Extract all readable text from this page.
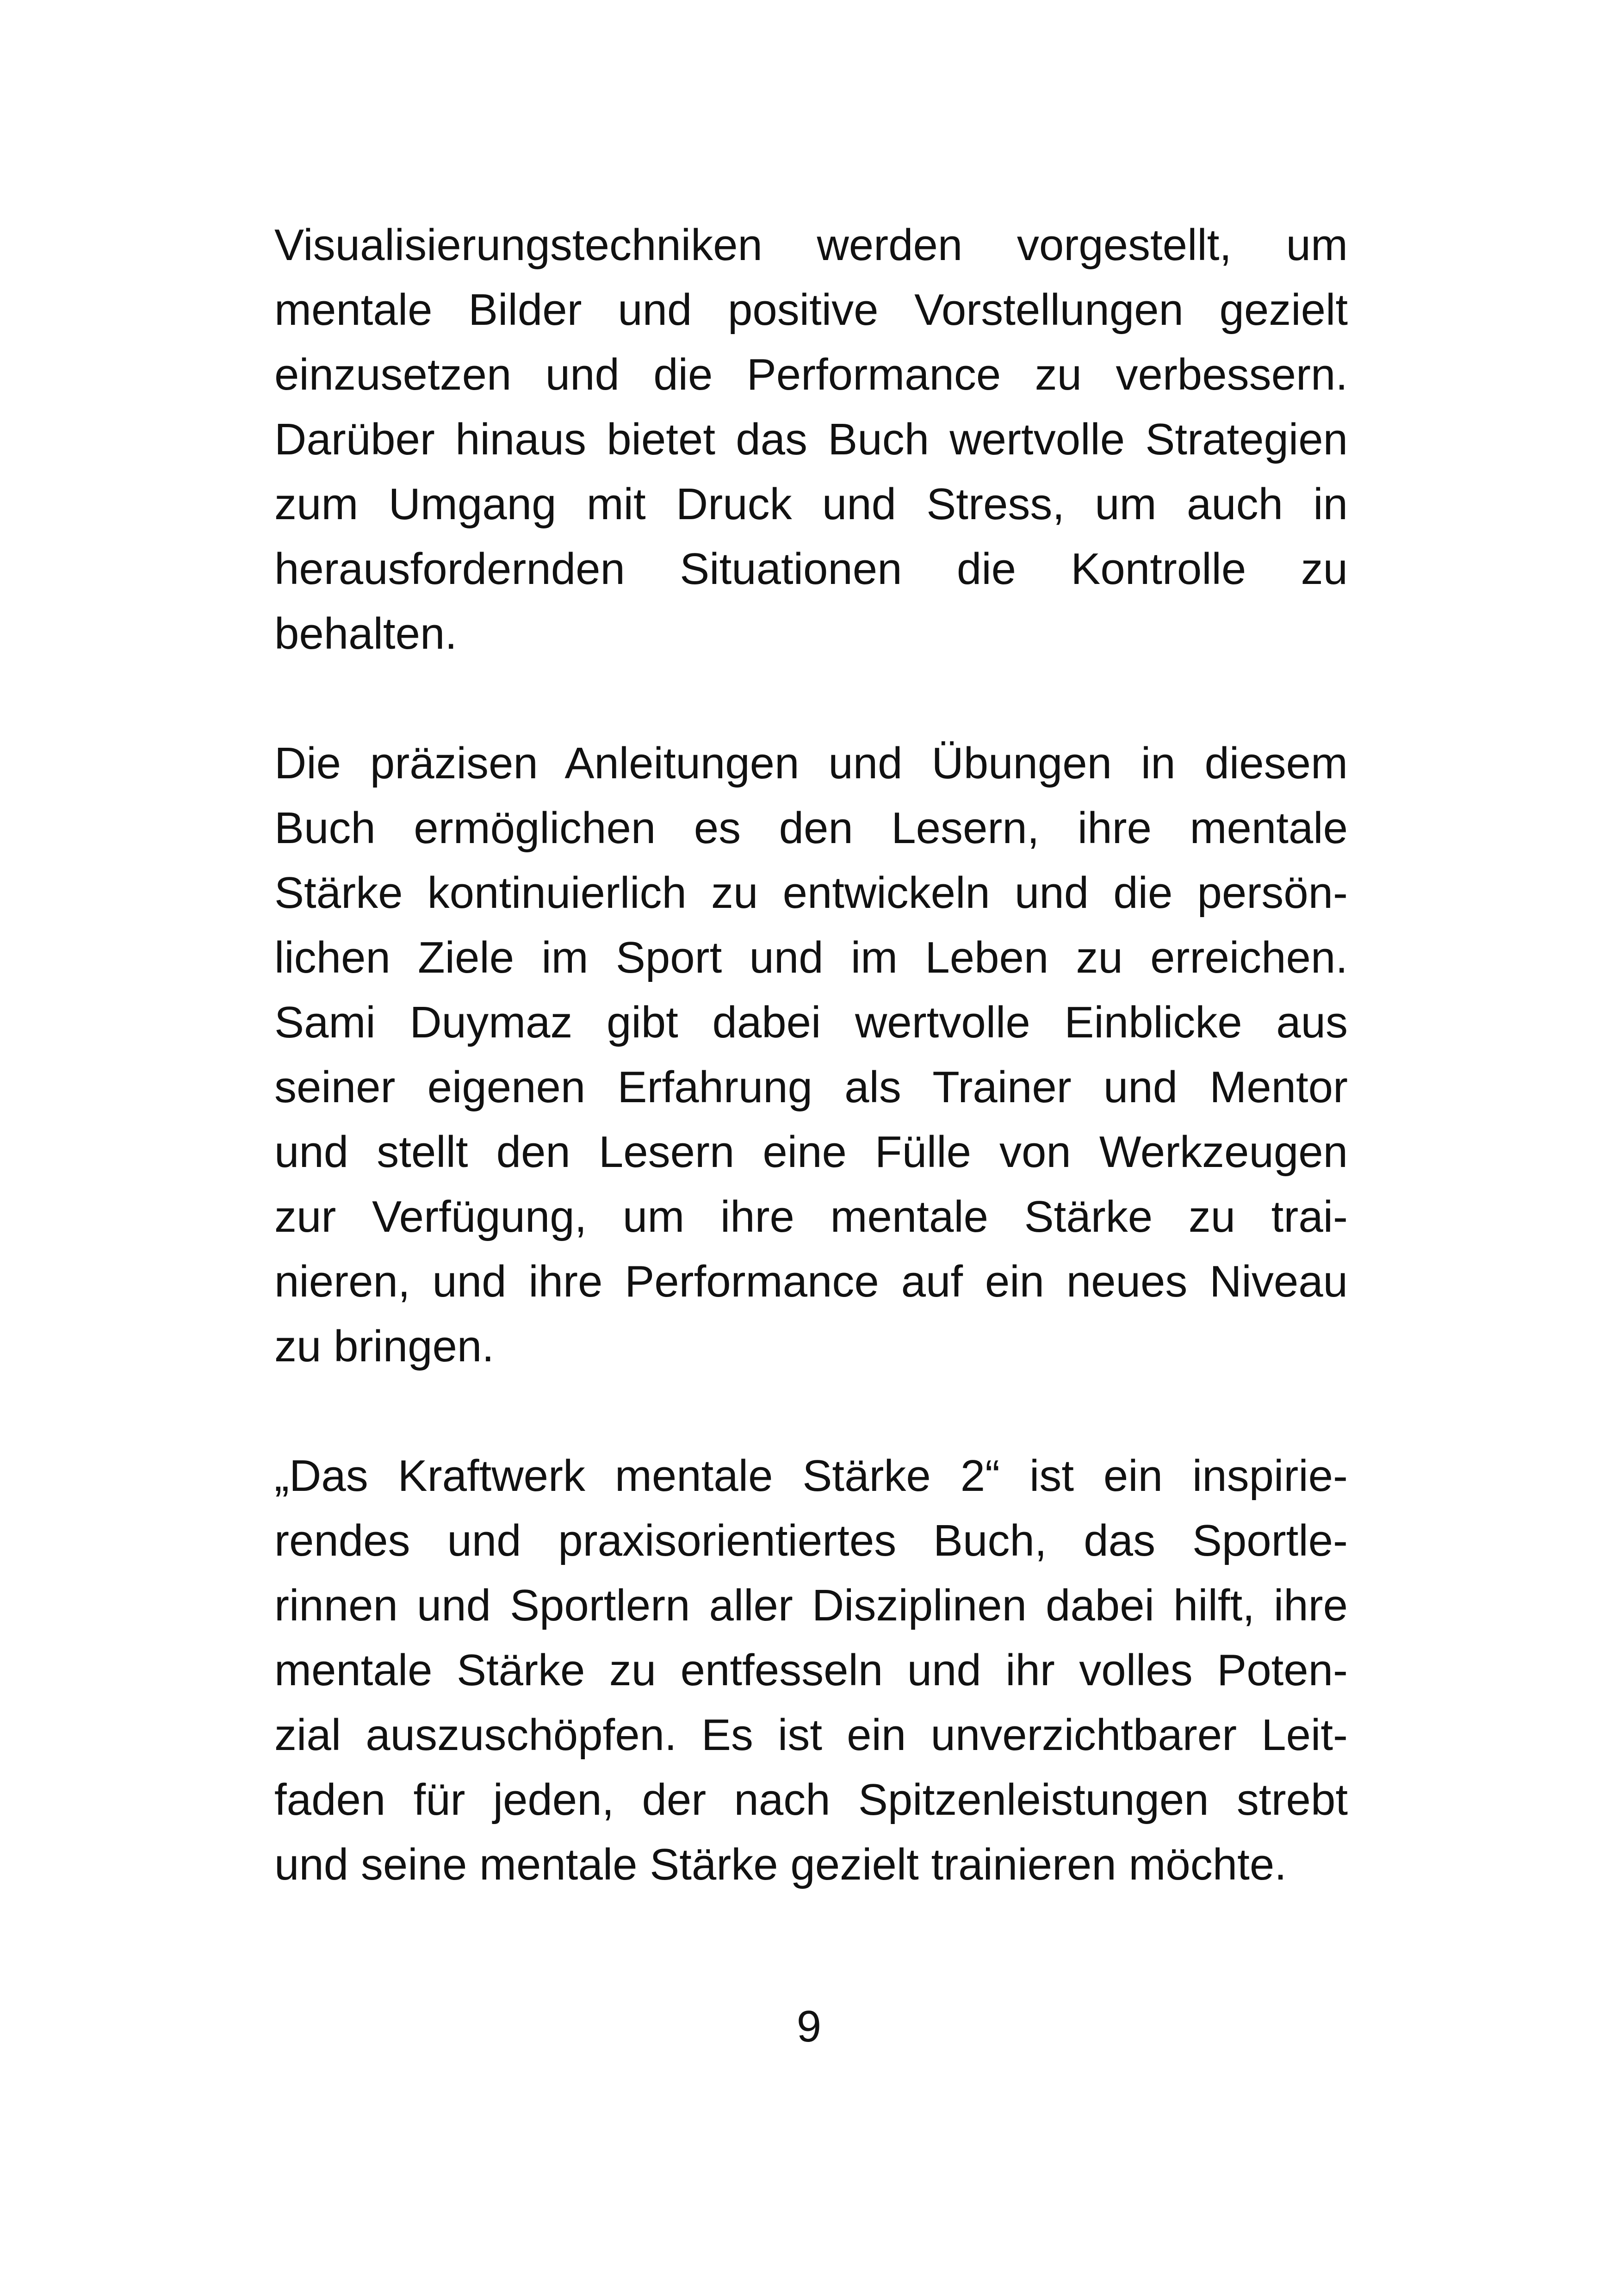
Visualisierungstechniken werden vorgestellt, um
mentale Bilder und positive Vorstellungen gezielt
einzusetzen und die Performance zu verbessern.
Darüber hinaus bietet das Buch wertvolle Strategien
zum Umgang mit Druck und Stress, um auch in
herausfordernden Situationen die Kontrolle zu
behalten.

Die präzisen Anleitungen und Übungen in diesem
Buch ermöglichen es den Lesern, ihre mentale
Stärke kontinuierlich zu entwickeln und die persön-
lichen Ziele im Sport und im Leben zu erreichen.
Sami Duymaz gibt dabei wertvolle Einblicke aus
seiner eigenen Erfahrung als Trainer und Mentor
und stellt den Lesern eine Fülle von Werkzeugen
zur Verfügung, um ihre mentale Stärke zu trai-
nieren, und ihre Performance auf ein neues Niveau
zu bringen.

„Das Kraftwerk mentale Stärke 2“ ist ein inspirie-
rendes und praxisorientiertes Buch, das Sportle-
rinnen und Sportlern aller Disziplinen dabei hilft, ihre
mentale Stärke zu entfesseln und ihr volles Poten-
zial auszuschöpfen. Es ist ein unverzichtbarer Leit-
faden für jeden, der nach Spitzenleistungen strebt
und seine mentale Stärke gezielt trainieren möchte.

9
